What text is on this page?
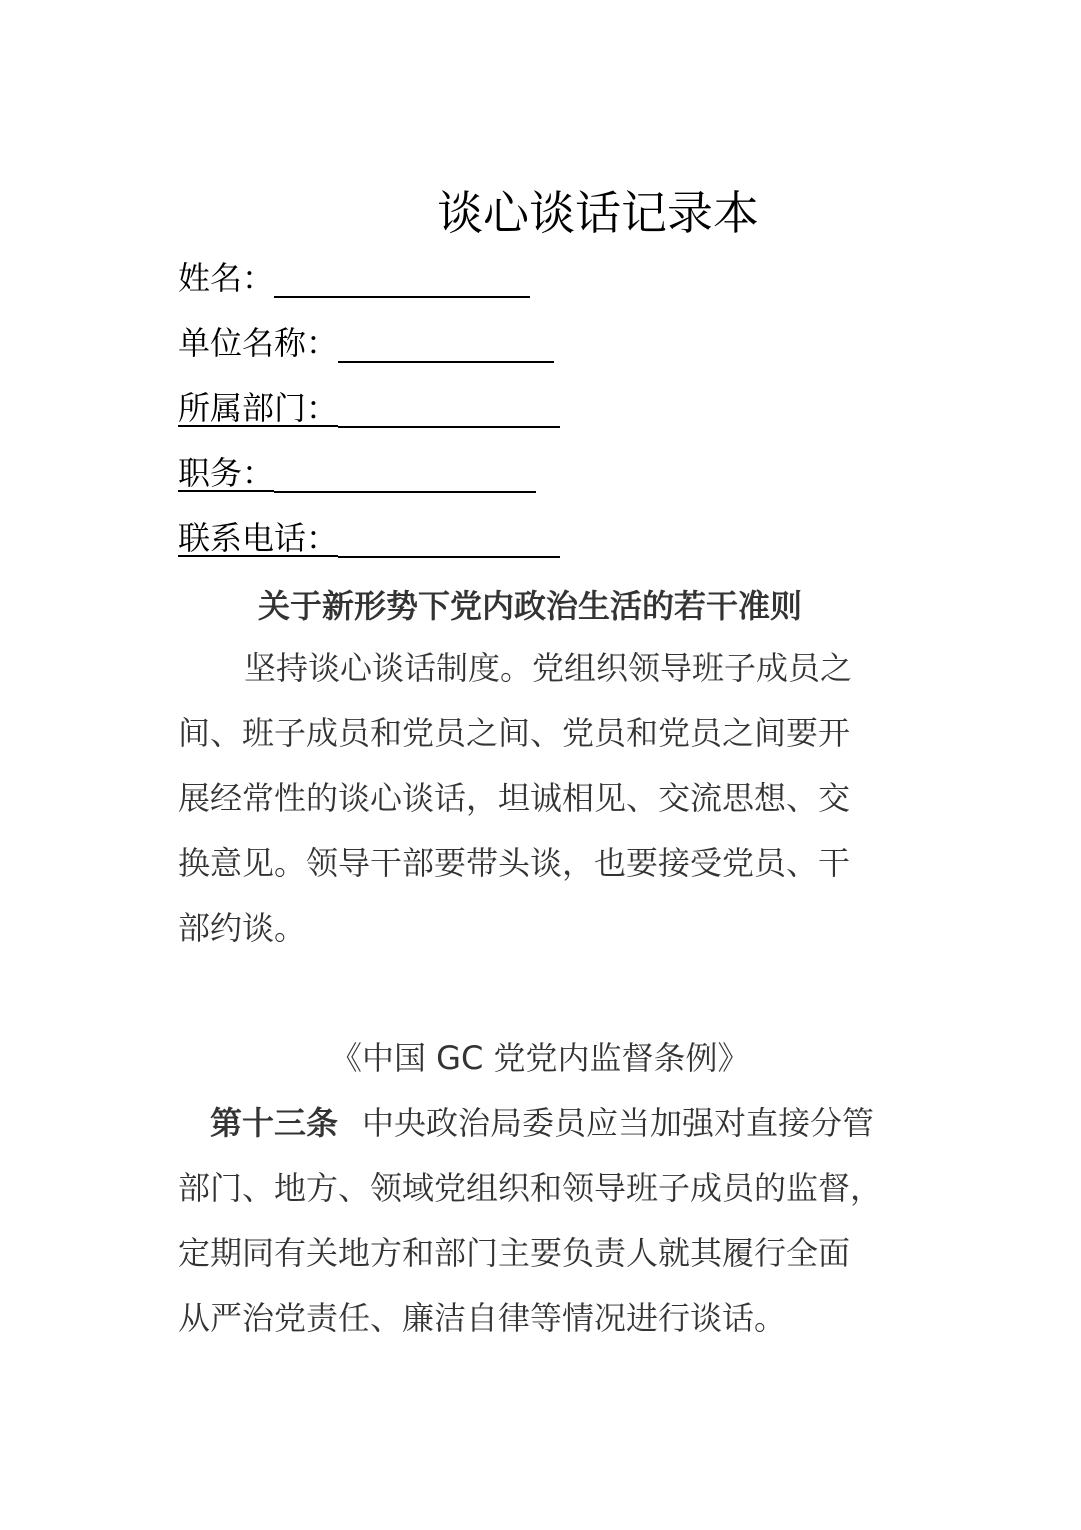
谈心谈话记录本
姓名：
单位名称：
所属部门：
职务：
联系电话：
关于新形势下党内政治生活的若干准则
坚持谈心谈话制度。党组织领导班子成员之
间、班子成员和党员之间、党员和党员之间要开
展经常性的谈心谈话，坦诚相见、交流思想、交
换意见。领导干部要带头谈，也要接受党员、干
部约谈。
《中国 GC 党党内监督条例》
第十三条 中央政治局委员应当加强对直接分管
部门、地方、领域党组织和领导班子成员的监督，
定期同有关地方和部门主要负责人就其履行全面
从严治党责任、廉洁自律等情况进行谈话。
